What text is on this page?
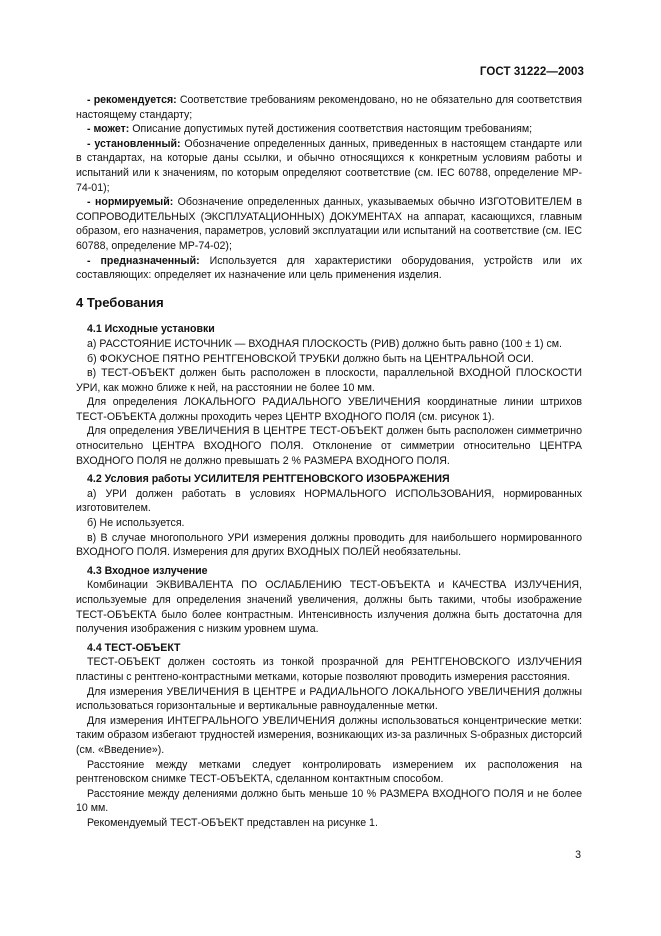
ГОСТ 31222—2003

- рекомендуется: Соответствие требованиям рекомендовано, но не обязательно для соответствия настоящему стандарту;

- может: Описание допустимых путей достижения соответствия настоящим требованиям;

- установленный: Обозначение определенных данных, приведенных в настоящем стандарте или в стандартах, на которые даны ссылки, и обычно относящихся к конкретным условиям работы и испытаний или к значениям, по которым определяют соответствие (см. IEC 60788, определение MP-74-01);

- нормируемый: Обозначение определенных данных, указываемых обычно ИЗГОТОВИТЕЛЕМ в СОПРОВОДИТЕЛЬНЫХ (ЭКСПЛУАТАЦИОННЫХ) ДОКУМЕНТАХ на аппарат, касающихся, главным образом, его назначения, параметров, условий эксплуатации или испытаний на соответствие (см. IEC 60788, определение MP-74-02);

- предназначенный: Используется для характеристики оборудования, устройств или их составляющих: определяет их назначение или цель применения изделия.

4 Требования

4.1 Исходные установки

а) РАССТОЯНИЕ ИСТОЧНИК — ВХОДНАЯ ПЛОСКОСТЬ (РИВ) должно быть равно (100 ± 1) см.

б) ФОКУСНОЕ ПЯТНО РЕНТГЕНОВСКОЙ ТРУБКИ должно быть на ЦЕНТРАЛЬНОЙ ОСИ.

в) ТЕСТ-ОБЪЕКТ должен быть расположен в плоскости, параллельной ВХОДНОЙ ПЛОСКОСТИ УРИ, как можно ближе к ней, на расстоянии не более 10 мм.

Для определения ЛОКАЛЬНОГО РАДИАЛЬНОГО УВЕЛИЧЕНИЯ координатные линии штрихов ТЕСТ-ОБЪЕКТА должны проходить через ЦЕНТР ВХОДНОГО ПОЛЯ (см. рисунок 1).

Для определения УВЕЛИЧЕНИЯ В ЦЕНТРЕ ТЕСТ-ОБЪЕКТ должен быть расположен симметрично относительно ЦЕНТРА ВХОДНОГО ПОЛЯ. Отклонение от симметрии относительно ЦЕНТРА ВХОДНОГО ПОЛЯ не должно превышать 2 % РАЗМЕРА ВХОДНОГО ПОЛЯ.

4.2 Условия работы УСИЛИТЕЛЯ РЕНТГЕНОВСКОГО ИЗОБРАЖЕНИЯ

а) УРИ должен работать в условиях НОРМАЛЬНОГО ИСПОЛЬЗОВАНИЯ, нормированных изготовителем.

б) Не используется.

в) В случае многопольного УРИ измерения должны проводить для наибольшего нормированного ВХОДНОГО ПОЛЯ. Измерения для других ВХОДНЫХ ПОЛЕЙ необязательны.

4.3 Входное излучение

Комбинации ЭКВИВАЛЕНТА ПО ОСЛАБЛЕНИЮ ТЕСТ-ОБЪЕКТА и КАЧЕСТВА ИЗЛУЧЕНИЯ, используемые для определения значений увеличения, должны быть такими, чтобы изображение ТЕСТ-ОБЪЕКТА было более контрастным. Интенсивность излучения должна быть достаточна для получения изображения с низким уровнем шума.

4.4 ТЕСТ-ОБЪЕКТ

ТЕСТ-ОБЪЕКТ должен состоять из тонкой прозрачной для РЕНТГЕНОВСКОГО ИЗЛУЧЕНИЯ пластины с рентгено-контрастными метками, которые позволяют проводить измерения расстояния.

Для измерения УВЕЛИЧЕНИЯ В ЦЕНТРЕ и РАДИАЛЬНОГО ЛОКАЛЬНОГО УВЕЛИЧЕНИЯ должны использоваться горизонтальные и вертикальные равноудаленные метки.

Для измерения ИНТЕГРАЛЬНОГО УВЕЛИЧЕНИЯ должны использоваться концентрические метки: таким образом избегают трудностей измерения, возникающих из-за различных S-образных дисторсий (см. «Введение»).

Расстояние между метками следует контролировать измерением их расположения на рентгеновском снимке ТЕСТ-ОБЪЕКТА, сделанном контактным способом.

Расстояние между делениями должно быть меньше 10 % РАЗМЕРА ВХОДНОГО ПОЛЯ и не более 10 мм.

Рекомендуемый ТЕСТ-ОБЪЕКТ представлен на рисунке 1.

3
